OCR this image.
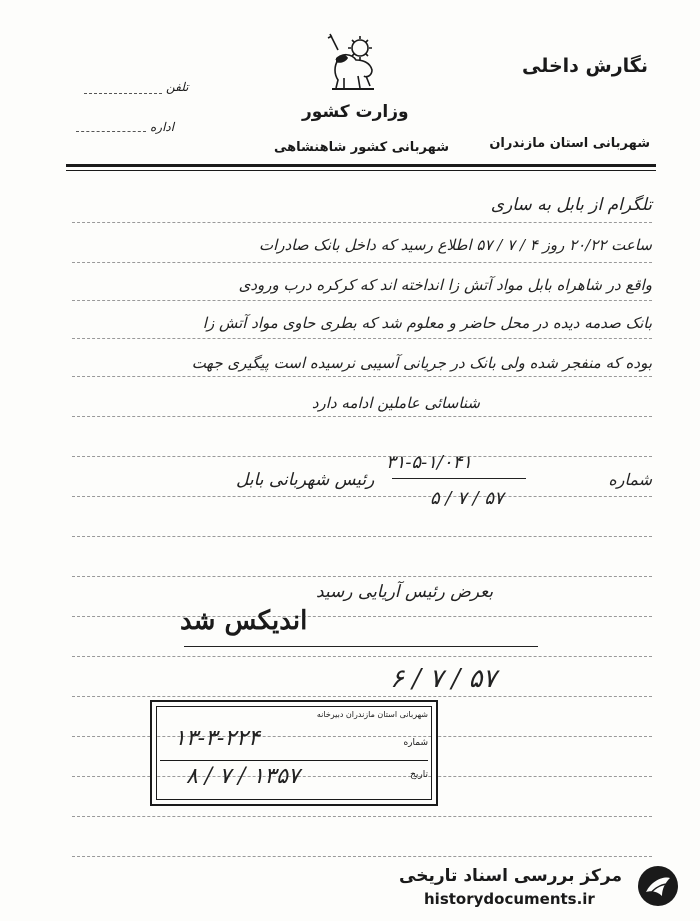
نگارش داخلی
وزارت کشور
شهربانی کشور شاهنشاهی	شهربانی استان مازندران
تلفن
اداره
تلگرام از بابل به ساری
ساعت ۲۰/۲۲ روز ۴ / ۷ / ۵۷ اطلاع رسید که داخل بانک صادرات
واقع در شاهراه بابل مواد آتش زا انداخته اند که کرکره درب ورودی
بانک صدمه دیده در محل حاضر و معلوم شد که بطری حاوی مواد آتش زا
بوده که منفجر شده ولی بانک در جریانی آسیبی نرسیده است پیگیری جهت
شناسائی عاملین ادامه دارد
شماره
۳۱-۵-۱/۰۴۱
۵ / ۷ / ۵۷
رئیس شهربانی بابل
بعرض رئیس آریایی رسید
اندیکس شد
۶ / ۷ / ۵۷
شهربانی استان مازندران دبیرخانه
شماره
۱۳-۳-۲۲۴
تاریخ
۸ / ۷ / ۱۳۵۷
مرکز بررسی اسناد تاریخی
historydocuments.ir
